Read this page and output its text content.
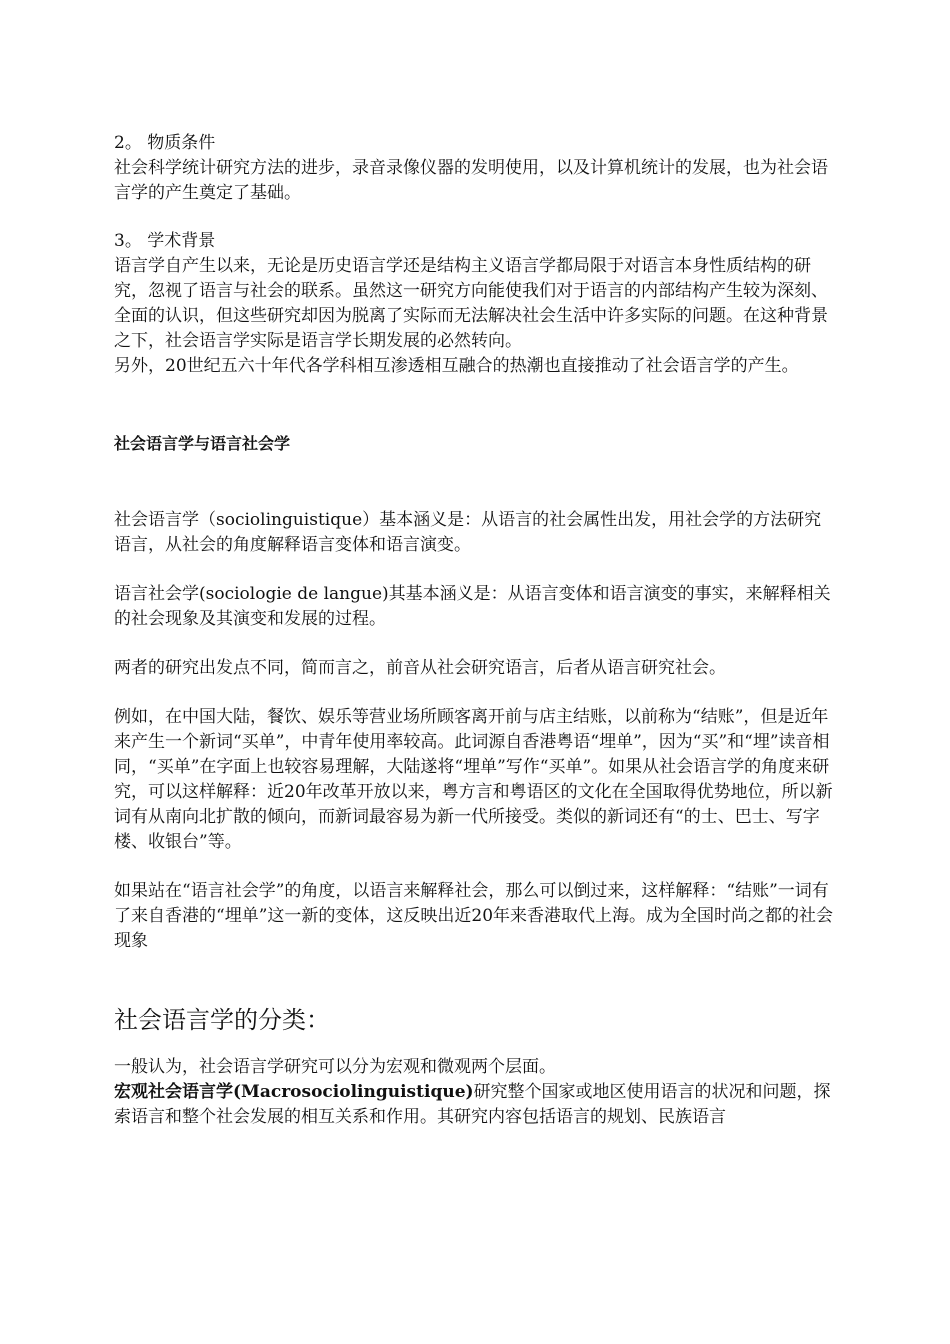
2。 物质条件

社会科学统计研究方法的进步，录音录像仪器的发明使用，以及计算机统计的发展，也为社会语言学的产生奠定了基础。

3。 学术背景

语言学自产生以来，无论是历史语言学还是结构主义语言学都局限于对语言本身性质结构的研究，忽视了语言与社会的联系。虽然这一研究方向能使我们对于语言的内部结构产生较为深刻、全面的认识，但这些研究却因为脱离了实际而无法解决社会生活中许多实际的问题。在这种背景之下，社会语言学实际是语言学长期发展的必然转向。

另外，20世纪五六十年代各学科相互渗透相互融合的热潮也直接推动了社会语言学的产生。

社会语言学与语言社会学

社会语言学（sociolinguistique）基本涵义是：从语言的社会属性出发，用社会学的方法研究语言，从社会的角度解释语言变体和语言演变。

语言社会学(sociologie de langue)其基本涵义是：从语言变体和语言演变的事实，来解释相关的社会现象及其演变和发展的过程。

两者的研究出发点不同，简而言之，前音从社会研究语言，后者从语言研究社会。

例如，在中国大陆，餐饮、娱乐等营业场所顾客离开前与店主结账，以前称为“结账”，但是近年来产生一个新词“买单”，中青年使用率较高。此词源自香港粤语“埋单”，因为“买”和“埋”读音相同，“买单”在字面上也较容易理解，大陆遂将“埋单”写作“买单”。如果从社会语言学的角度来研究，可以这样解释：近20年改革开放以来，粤方言和粤语区的文化在全国取得优势地位，所以新词有从南向北扩散的倾向，而新词最容易为新一代所接受。类似的新词还有“的士、巴士、写字楼、收银台”等。

如果站在“语言社会学”的角度，以语言来解释社会，那么可以倒过来，这样解释：“结账”一词有了来自香港的“埋单”这一新的变体，这反映出近20年来香港取代上海。成为全国时尚之都的社会现象

社会语言学的分类：

一般认为，社会语言学研究可以分为宏观和微观两个层面。

宏观社会语言学(Macrosociolinguistique)研究整个国家或地区使用语言的状况和问题，探索语言和整个社会发展的相互关系和作用。其研究内容包括语言的规划、民族语言
